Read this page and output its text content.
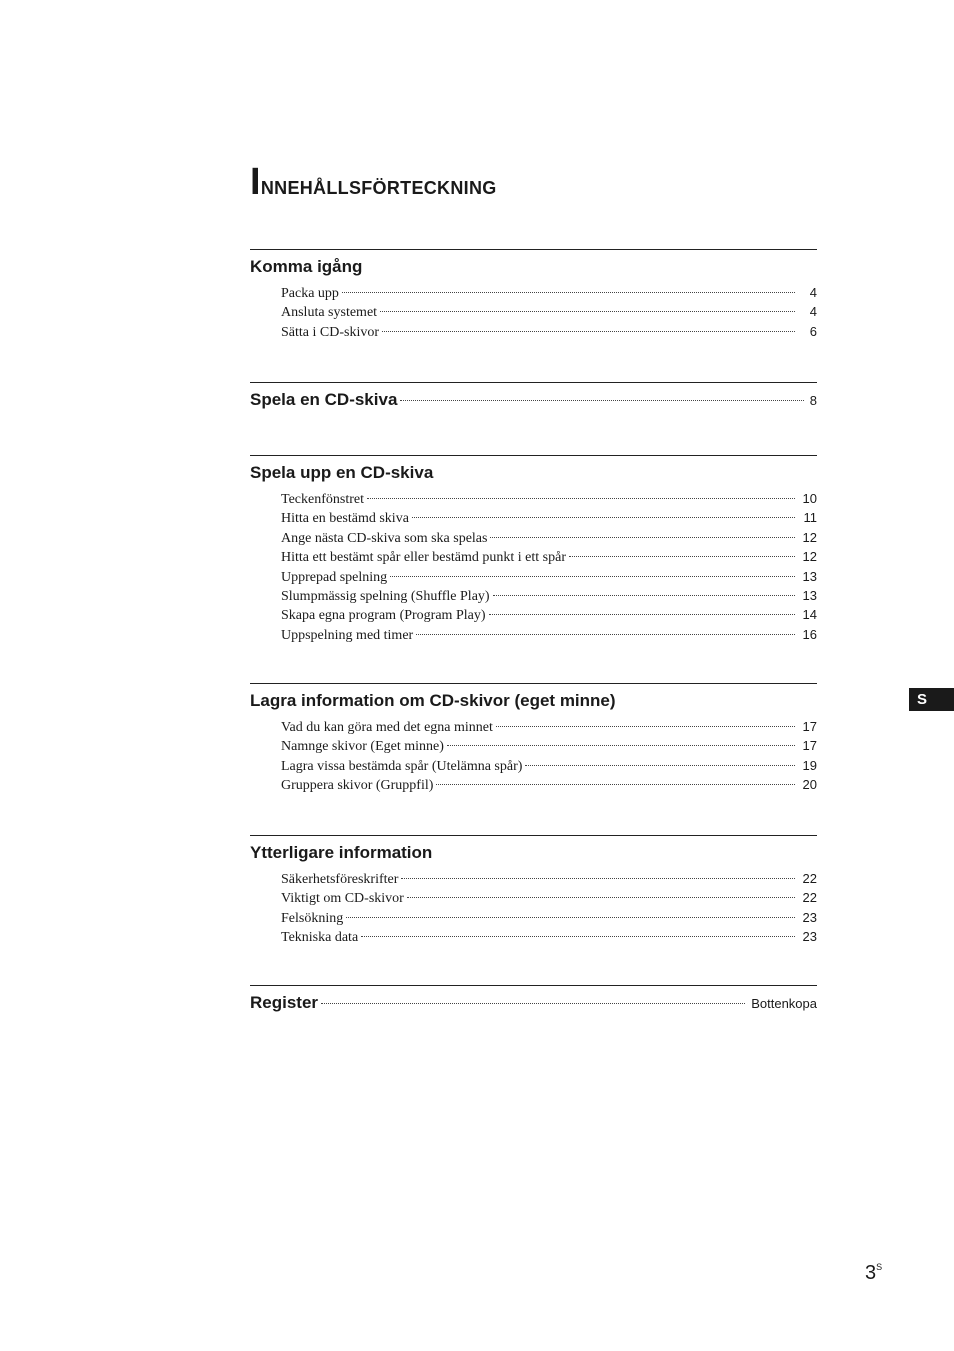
Innehållsförteckning
Komma igång
Packa upp	4
Ansluta systemet	4
Sätta i CD-skivor	6
Spela en CD-skiva	8
Spela upp en CD-skiva
Teckenfönstret	10
Hitta en bestämd skiva	11
Ange nästa CD-skiva som ska spelas	12
Hitta ett bestämt spår eller bestämd punkt i ett spår	12
Upprepad spelning	13
Slumpmässig spelning (Shuffle Play)	13
Skapa egna program (Program Play)	14
Uppspelning med timer	16
Lagra information om CD-skivor (eget minne)
Vad du kan göra med det egna minnet	17
Namnge skivor (Eget minne)	17
Lagra vissa bestämda spår (Utelämna spår)	19
Gruppera skivor (Gruppfil)	20
Ytterligare information
Säkerhetsföreskrifter	22
Viktigt om CD-skivor	22
Felsökning	23
Tekniska data	23
Register	Bottenkopa
S
$3^S$
